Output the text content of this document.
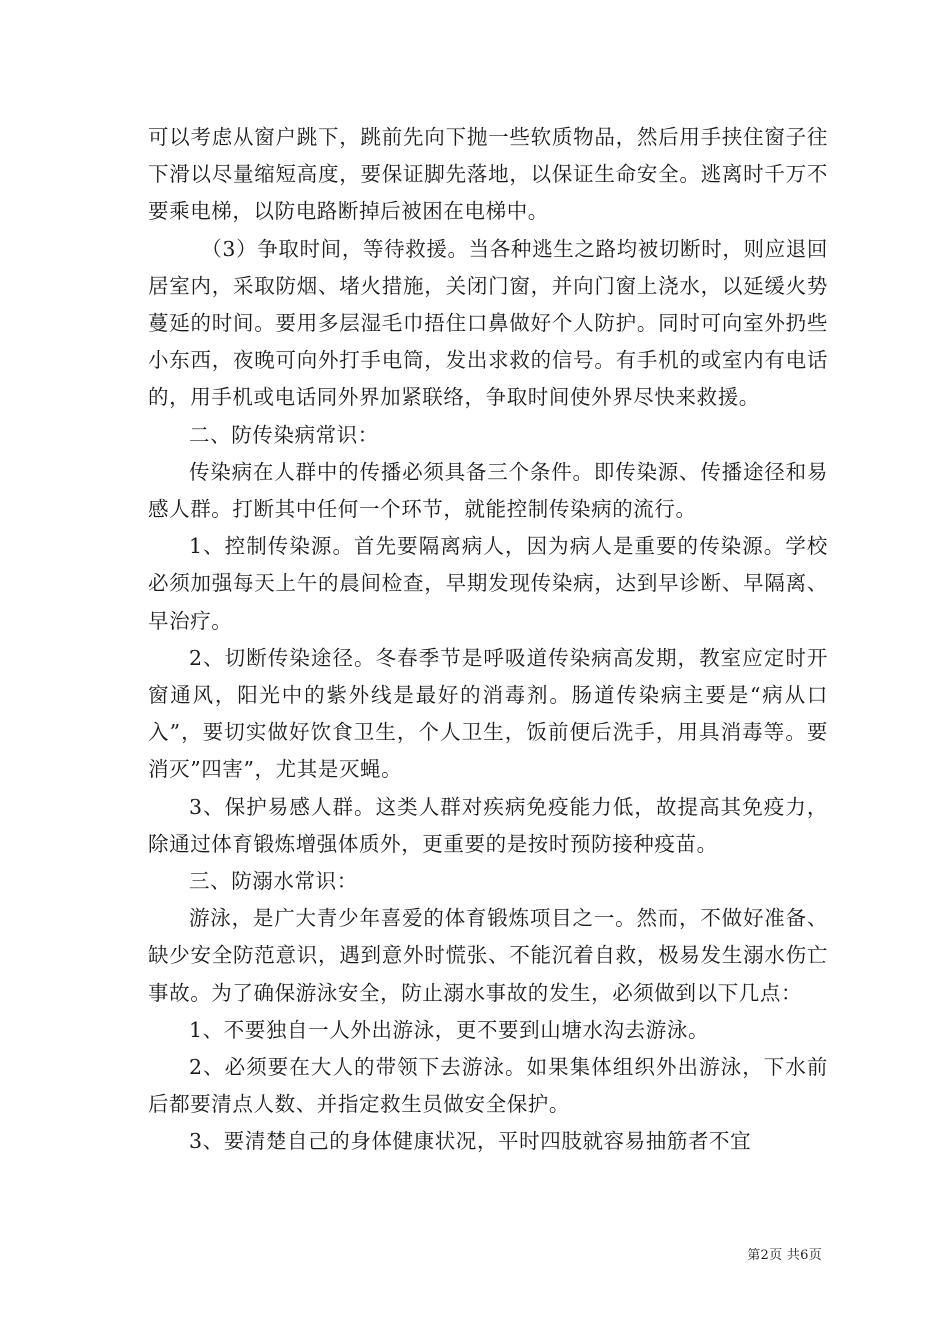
可以考虑从窗户跳下，跳前先向下抛一些软质物品，然后用手挟住窗子往下滑以尽量缩短高度，要保证脚先落地，以保证生命安全。逃离时千万不要乘电梯，以防电路断掉后被困在电梯中。

（3）争取时间，等待救援。当各种逃生之路均被切断时，则应退回居室内，采取防烟、堵火措施，关闭门窗，并向门窗上浇水，以延缓火势蔓延的时间。要用多层湿毛巾捂住口鼻做好个人防护。同时可向室外扔些小东西，夜晚可向外打手电筒，发出求救的信号。有手机的或室内有电话的，用手机或电话同外界加紧联络，争取时间使外界尽快来救援。

二、防传染病常识：

传染病在人群中的传播必须具备三个条件。即传染源、传播途径和易感人群。打断其中任何一个环节，就能控制传染病的流行。

1、控制传染源。首先要隔离病人，因为病人是重要的传染源。学校必须加强每天上午的晨间检查，早期发现传染病，达到早诊断、早隔离、早治疗。

2、切断传染途径。冬春季节是呼吸道传染病高发期，教室应定时开窗通风，阳光中的紫外线是最好的消毒剂。肠道传染病主要是“病从口入”，要切实做好饮食卫生，个人卫生，饭前便后洗手，用具消毒等。要消灭”四害”，尤其是灭蝇。

3、保护易感人群。这类人群对疾病免疫能力低，故提高其免疫力，除通过体育锻炼增强体质外，更重要的是按时预防接种疫苗。

三、防溺水常识：

游泳，是广大青少年喜爱的体育锻炼项目之一。然而，不做好准备、缺少安全防范意识，遇到意外时慌张、不能沉着自救，极易发生溺水伤亡事故。为了确保游泳安全，防止溺水事故的发生，必须做到以下几点：

1、不要独自一人外出游泳，更不要到山塘水沟去游泳。

2、必须要在大人的带领下去游泳。如果集体组织外出游泳，下水前后都要清点人数、并指定救生员做安全保护。

3、要清楚自己的身体健康状况，平时四肢就容易抽筋者不宜

第2页 共6页
